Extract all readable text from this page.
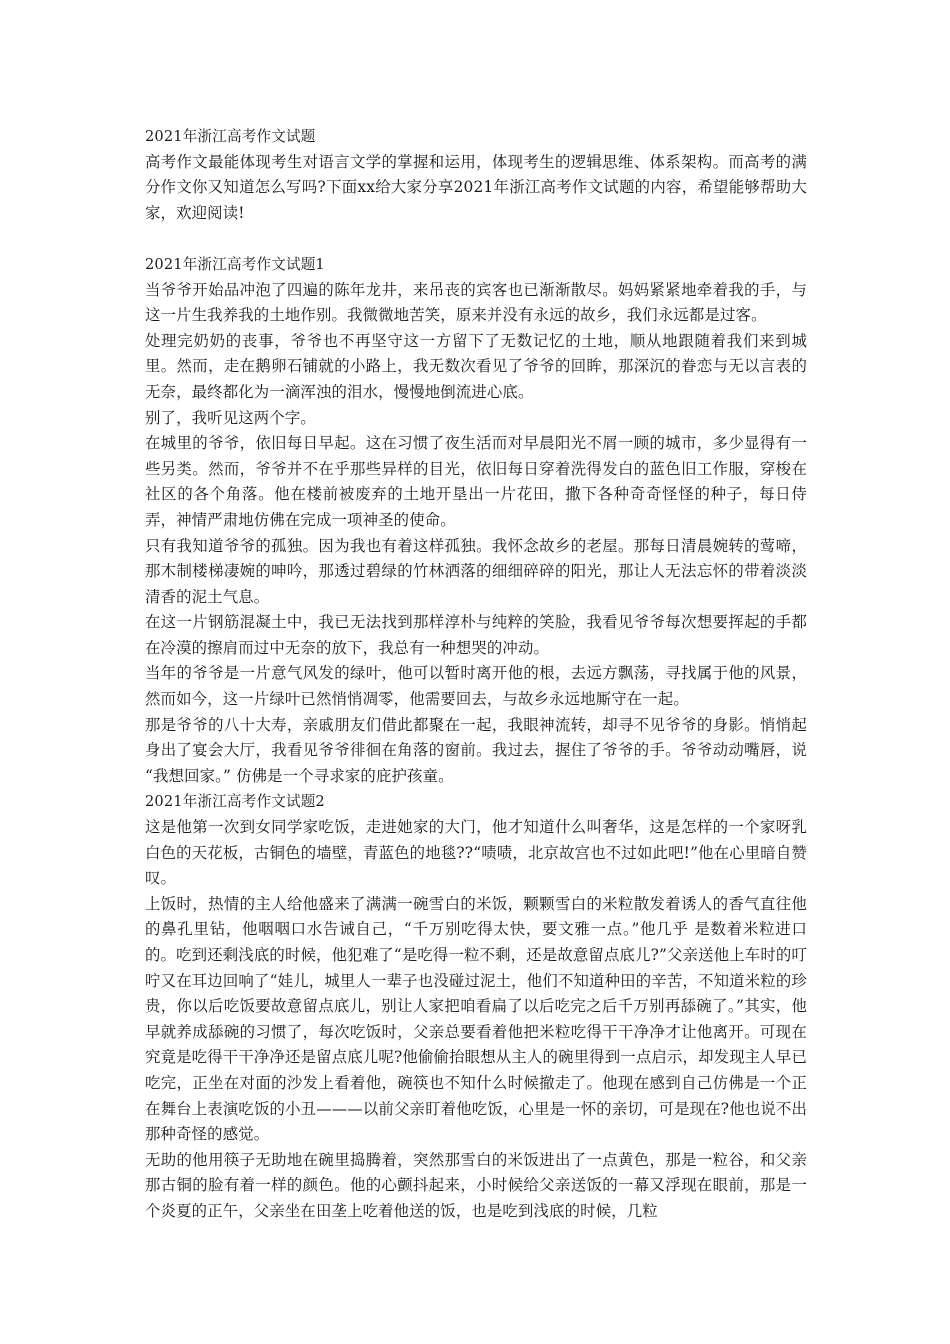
2021年浙江高考作文试题

高考作文最能体现考生对语言文学的掌握和运用，体现考生的逻辑思维、体系架构。而高考的满分作文你又知道怎么写吗?下面xx给大家分享2021年浙江高考作文试题的内容，希望能够帮助大家，欢迎阅读!

2021年浙江高考作文试题1

当爷爷开始品冲泡了四遍的陈年龙井，来吊丧的宾客也已渐渐散尽。妈妈紧紧地牵着我的手，与这一片生我养我的土地作别。我微微地苦笑，原来并没有永远的故乡，我们永远都是过客。

处理完奶奶的丧事，爷爷也不再坚守这一方留下了无数记忆的土地，顺从地跟随着我们来到城里。然而，走在鹅卵石铺就的小路上，我无数次看见了爷爷的回眸，那深沉的眷恋与无以言表的无奈，最终都化为一滴浑浊的泪水，慢慢地倒流进心底。

别了，我听见这两个字。

在城里的爷爷，依旧每日早起。这在习惯了夜生活而对早晨阳光不屑一顾的城市，多少显得有一些另类。然而，爷爷并不在乎那些异样的目光，依旧每日穿着洗得发白的蓝色旧工作服，穿梭在社区的各个角落。他在楼前被废弃的土地开垦出一片花田，撒下各种奇奇怪怪的种子，每日侍弄，神情严肃地仿佛在完成一项神圣的使命。

只有我知道爷爷的孤独。因为我也有着这样孤独。我怀念故乡的老屋。那每日清晨婉转的莺啼，那木制楼梯凄婉的呻吟，那透过碧绿的竹林洒落的细细碎碎的阳光，那让人无法忘怀的带着淡淡清香的泥土气息。

在这一片钢筋混凝土中，我已无法找到那样淳朴与纯粹的笑脸，我看见爷爷每次想要挥起的手都在冷漠的擦肩而过中无奈的放下，我总有一种想哭的冲动。

当年的爷爷是一片意气风发的绿叶，他可以暂时离开他的根，去远方飘荡，寻找属于他的风景，然而如今，这一片绿叶已然悄悄凋零，他需要回去，与故乡永远地厮守在一起。

那是爷爷的八十大寿，亲戚朋友们借此都聚在一起，我眼神流转，却寻不见爷爷的身影。悄悄起身出了宴会大厅，我看见爷爷徘徊在角落的窗前。我过去，握住了爷爷的手。爷爷动动嘴唇，说 “我想回家。” 仿佛是一个寻求家的庇护孩童。

2021年浙江高考作文试题2

这是他第一次到女同学家吃饭，走进她家的大门，他才知道什么叫奢华，这是怎样的一个家呀乳白色的天花板，古铜色的墙壁，青蓝色的地毯??“啧啧，北京故宫也不过如此吧!”他在心里暗自赞叹。

上饭时，热情的主人给他盛来了满满一碗雪白的米饭，颗颗雪白的米粒散发着诱人的香气直往他的鼻孔里钻，他咽咽口水告诫自己，“千万别吃得太快，要文雅一点。”他几乎 是数着米粒进口的。吃到还剩浅底的时候，他犯难了“是吃得一粒不剩，还是故意留点底儿?”父亲送他上车时的叮咛又在耳边回响了“娃儿，城里人一辈子也没碰过泥土，他们不知道种田的辛苦，不知道米粒的珍贵，你以后吃饭要故意留点底儿，别让人家把咱看扁了以后吃完之后千万别再舔碗了。”其实，他早就养成舔碗的习惯了，每次吃饭时，父亲总要看着他把米粒吃得干干净净才让他离开。可现在究竟是吃得干干净净还是留点底儿呢?他偷偷抬眼想从主人的碗里得到一点启示，却发现主人早已吃完，正坐在对面的沙发上看着他，碗筷也不知什么时候撤走了。他现在感到自己仿佛是一个正在舞台上表演吃饭的小丑———以前父亲盯着他吃饭，心里是一怀的亲切，可是现在?他也说不出那种奇怪的感觉。

无助的他用筷子无助地在碗里捣腾着，突然那雪白的米饭进出了一点黄色，那是一粒谷，和父亲那古铜的脸有着一样的颜色。他的心颤抖起来，小时候给父亲送饭的一幕又浮现在眼前，那是一个炎夏的正午，父亲坐在田垄上吃着他送的饭，也是吃到浅底的时候，几粒
